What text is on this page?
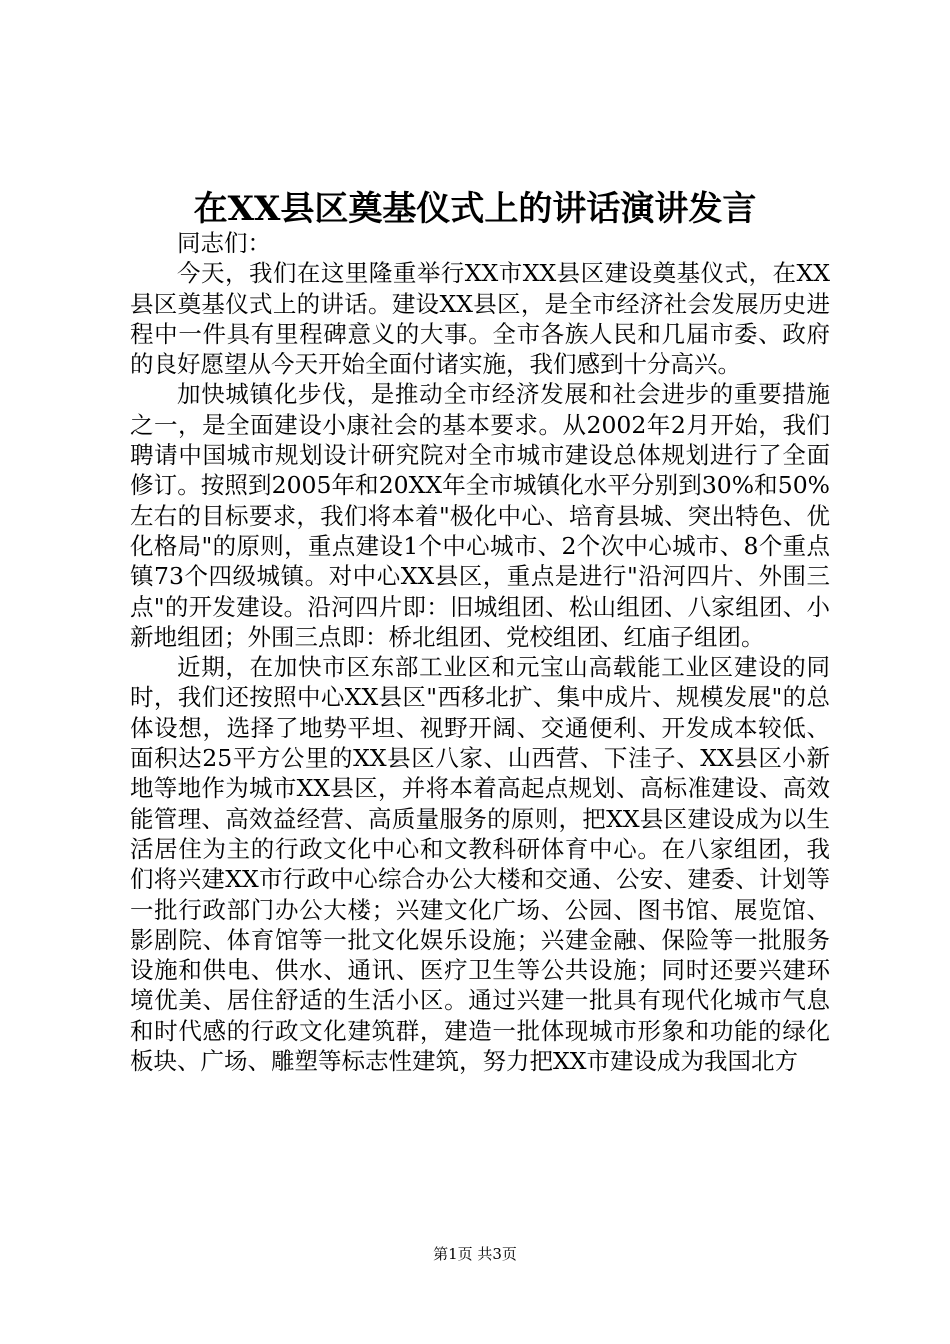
在XX县区奠基仪式上的讲话演讲发言

同志们：

今天，我们在这里隆重举行XX市XX县区建设奠基仪式，在XX县区奠基仪式上的讲话。建设XX县区，是全市经济社会发展历史进程中一件具有里程碑意义的大事。全市各族人民和几届市委、政府的良好愿望从今天开始全面付诸实施，我们感到十分高兴。

加快城镇化步伐，是推动全市经济发展和社会进步的重要措施之一，是全面建设小康社会的基本要求。从2002年2月开始，我们聘请中国城市规划设计研究院对全市城市建设总体规划进行了全面修订。按照到2005年和20XX年全市城镇化水平分别到30%和50%左右的目标要求，我们将本着"极化中心、培育县城、突出特色、优化格局"的原则，重点建设1个中心城市、2个次中心城市、8个重点镇73个四级城镇。对中心XX县区，重点是进行"沿河四片、外围三点"的开发建设。沿河四片即：旧城组团、松山组团、八家组团、小新地组团；外围三点即：桥北组团、党校组团、红庙子组团。

近期，在加快市区东部工业区和元宝山高载能工业区建设的同时，我们还按照中心XX县区"西移北扩、集中成片、规模发展"的总体设想，选择了地势平坦、视野开阔、交通便利、开发成本较低、面积达25平方公里的XX县区八家、山西营、下洼子、XX县区小新地等地作为城市XX县区，并将本着高起点规划、高标准建设、高效能管理、高效益经营、高质量服务的原则，把XX县区建设成为以生活居住为主的行政文化中心和文教科研体育中心。在八家组团，我们将兴建XX市行政中心综合办公大楼和交通、公安、建委、计划等一批行政部门办公大楼；兴建文化广场、公园、图书馆、展览馆、影剧院、体育馆等一批文化娱乐设施；兴建金融、保险等一批服务设施和供电、供水、通讯、医疗卫生等公共设施；同时还要兴建环境优美、居住舒适的生活小区。通过兴建一批具有现代化城市气息和时代感的行政文化建筑群，建造一批体现城市形象和功能的绿化板块、广场、雕塑等标志性建筑，努力把XX市建设成为我国北方

第1页 共3页
